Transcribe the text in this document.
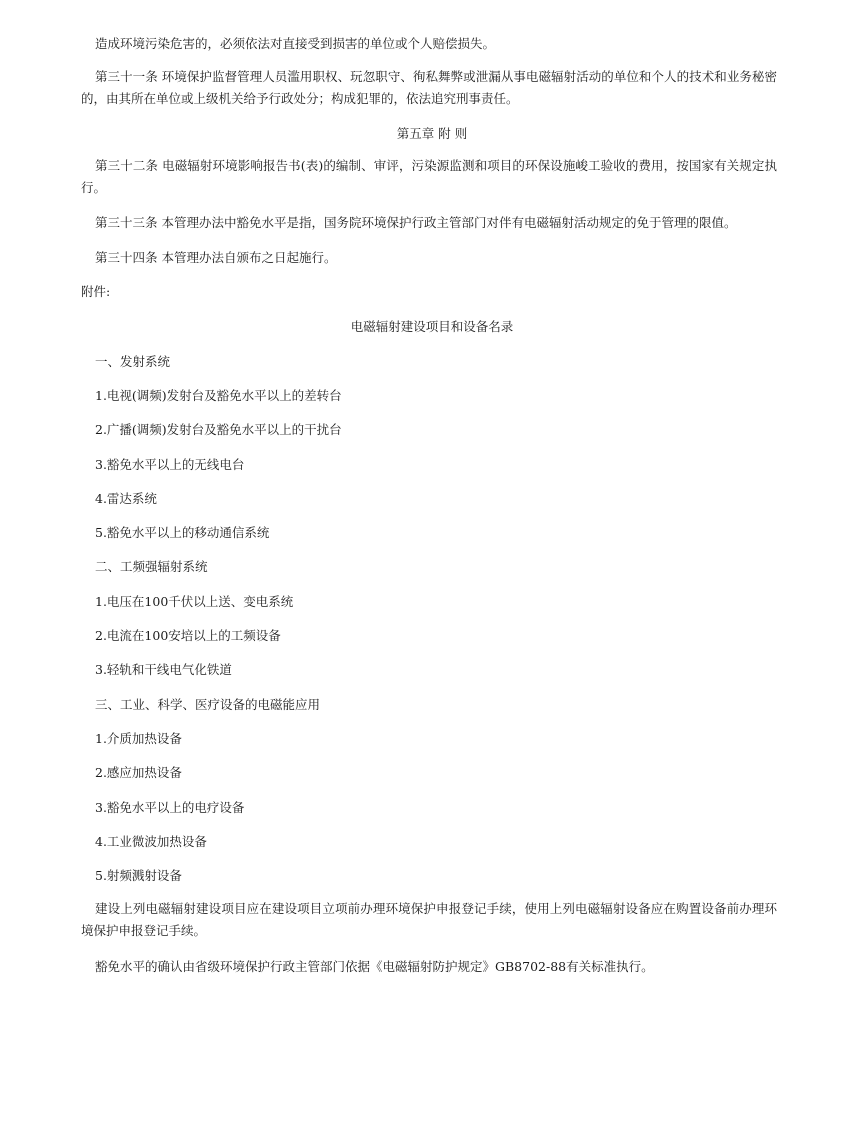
造成环境污染危害的，必须依法对直接受到损害的单位或个人赔偿损失。
第三十一条 环境保护监督管理人员滥用职权、玩忽职守、徇私舞弊或泄漏从事电磁辐射活动的单位和个人的技术和业务秘密的，由其所在单位或上级机关给予行政处分；构成犯罪的，依法追究刑事责任。
第五章 附 则
第三十二条 电磁辐射环境影响报告书(表)的编制、审评，污染源监测和项目的环保设施峻工验收的费用，按国家有关规定执行。
第三十三条 本管理办法中豁免水平是指，国务院环境保护行政主管部门对伴有电磁辐射活动规定的免于管理的限值。
第三十四条 本管理办法自颁布之日起施行。
附件:
电磁辐射建设项目和设备名录
一、发射系统
1.电视(调频)发射台及豁免水平以上的差转台
2.广播(调频)发射台及豁免水平以上的干扰台
3.豁免水平以上的无线电台
4.雷达系统
5.豁免水平以上的移动通信系统
二、工频强辐射系统
1.电压在100千伏以上送、变电系统
2.电流在100安培以上的工频设备
3.轻轨和干线电气化铁道
三、工业、科学、医疗设备的电磁能应用
1.介质加热设备
2.感应加热设备
3.豁免水平以上的电疗设备
4.工业微波加热设备
5.射频溅射设备
建设上列电磁辐射建设项目应在建设项目立项前办理环境保护申报登记手续，使用上列电磁辐射设备应在购置设备前办理环境保护申报登记手续。
豁免水平的确认由省级环境保护行政主管部门依据《电磁辐射防护规定》GB8702-88有关标准执行。
